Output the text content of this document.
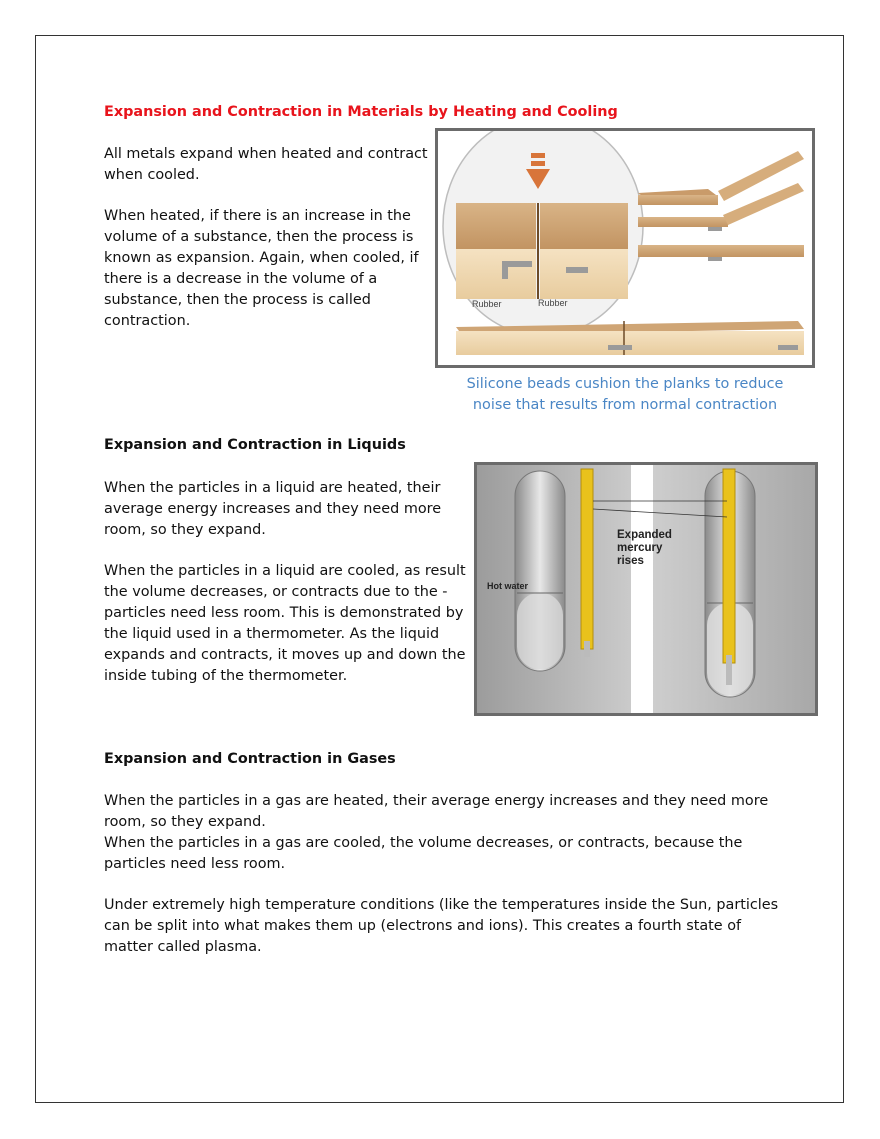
Expansion and Contraction in Materials by Heating and Cooling

All metals expand when heated and contract when cooled.

When heated, if there is an increase in the volume of a substance, then the process is known as expansion. Again, when cooled, if there is a decrease in the volume of a substance, then the process is called contraction.

Rubber	Rubber
Silicone beads cushion the planks to reduce
noise that results from normal contraction

Expansion and Contraction in Liquids

When the particles in a liquid are heated, their average energy increases and they need more room, so they expand.

When the particles in a liquid are cooled, as result the volume decreases, or contracts due to the - particles need less room. This is demonstrated by the liquid used in a thermometer. As the liquid expands and contracts, it moves up and down the inside tubing of the thermometer.

Expanded
mercury
rises
Hot water

Expansion and Contraction in Gases

When the particles in a gas are heated, their average energy increases and they need more room, so they expand.

When the particles in a gas are cooled, the volume decreases, or contracts, because the particles need less room.

Under extremely high temperature conditions (like the temperatures inside the Sun, particles can be split into what makes them up (electrons and ions). This creates a fourth state of matter called plasma.
